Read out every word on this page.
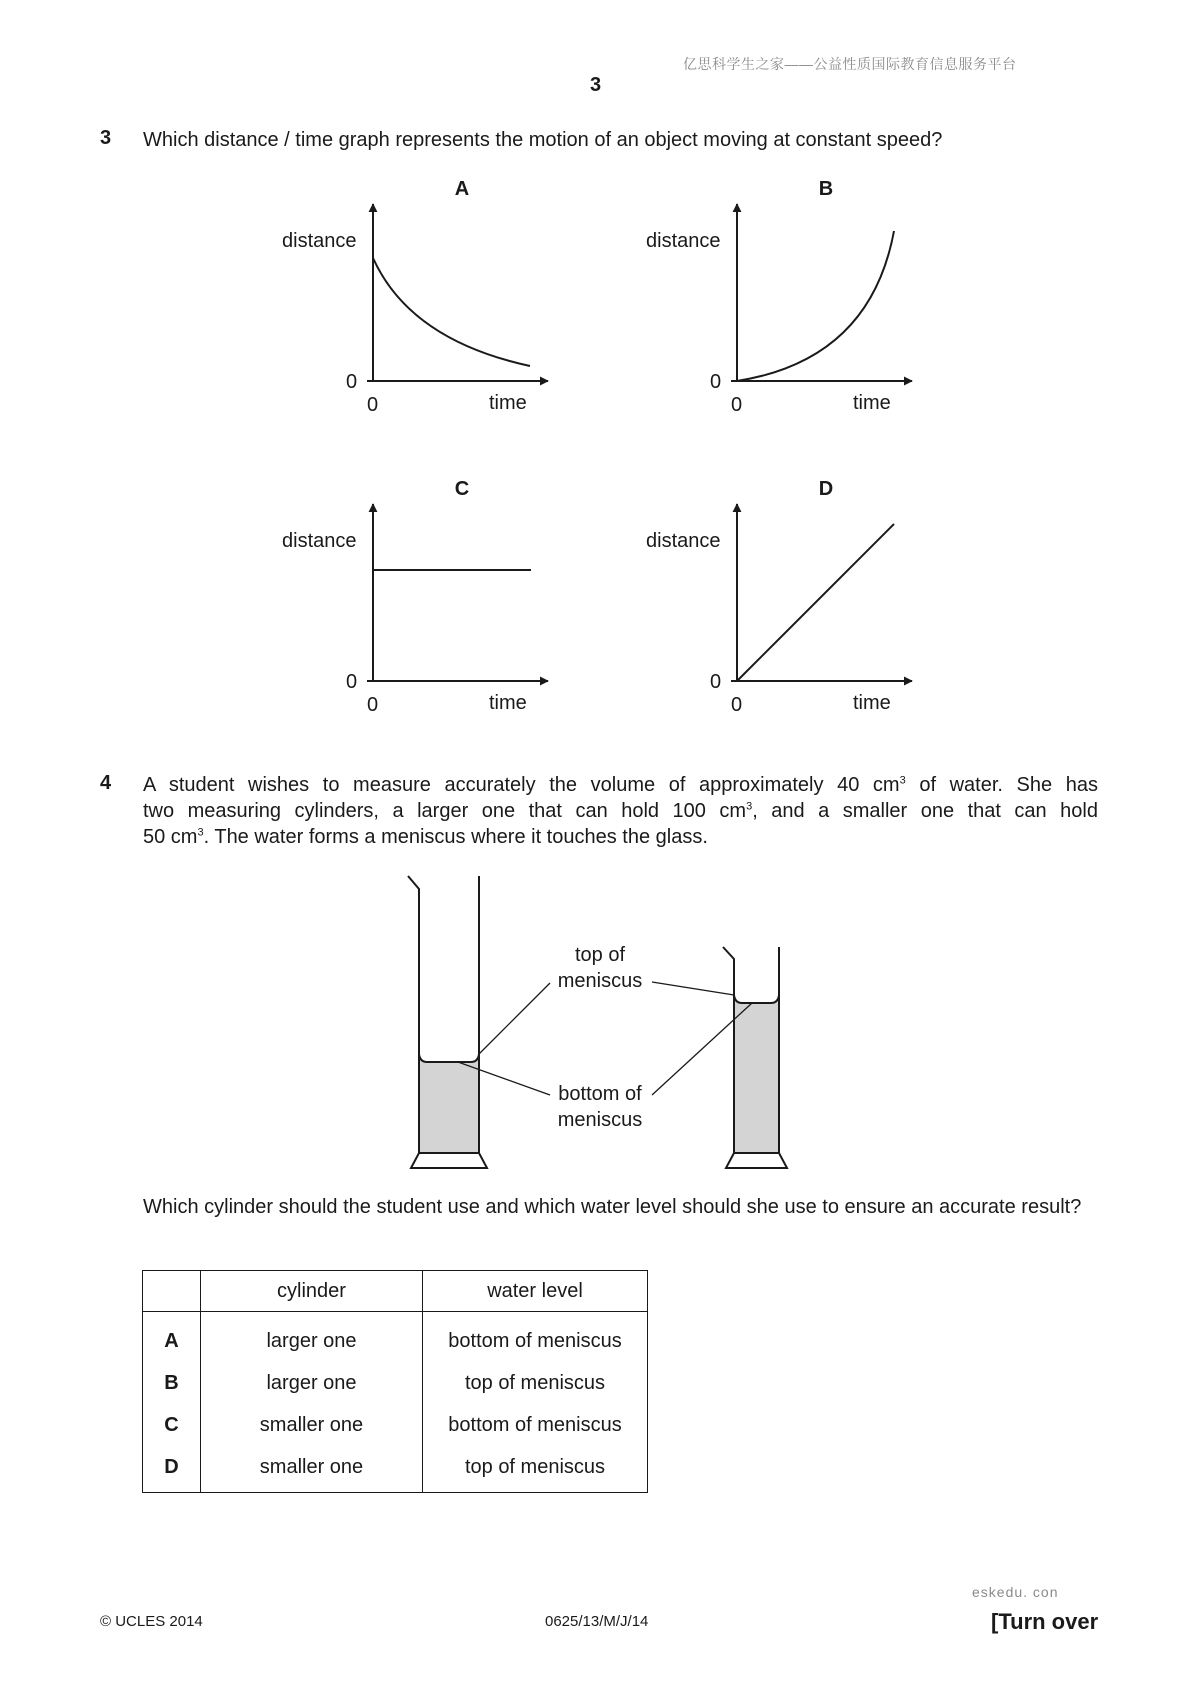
亿思科学生之家——公益性质国际教育信息服务平台
3
3 Which distance / time graph represents the motion of an object moving at constant speed?
A
distance
0
0	time
B
distance
0
0	time
C
distance
0
0	time
D
distance
0
0	time
4 A student wishes to measure accurately the volume of approximately 40 $cm^3$ of water. She has
two measuring cylinders, a larger one that can hold 100 $cm^3$, and a smaller one that can hold
50 $cm^3$. The water forms a meniscus where it touches the glass.
top of
meniscus
bottom of
meniscus
Which cylinder should the student use and which water level should she use to ensure an accurate result?
	cylinder	water level
A	larger one	bottom of meniscus
B	larger one	top of meniscus
C	smaller one	bottom of meniscus
D	smaller one	top of meniscus
© UCLES 2014	0625/13/M/J/14
eskedu. con
[Turn over
